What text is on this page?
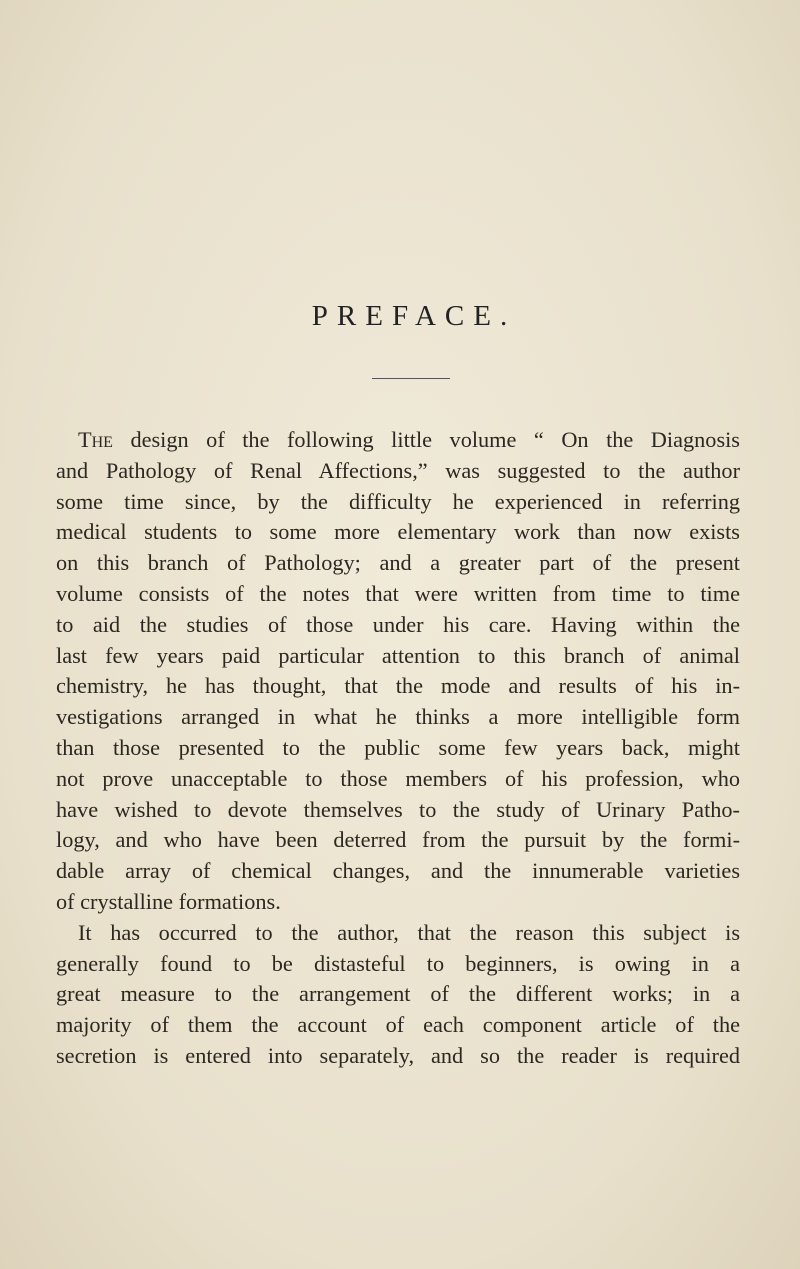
PREFACE.
The design of the following little volume “ On the Diagnosis
and Pathology of Renal Affections,” was suggested to the author
some time since, by the difficulty he experienced in referring
medical students to some more elementary work than now exists
on this branch of Pathology; and a greater part of the present
volume consists of the notes that were written from time to time
to aid the studies of those under his care. Having within the
last few years paid particular attention to this branch of animal
chemistry, he has thought, that the mode and results of his in-
vestigations arranged in what he thinks a more intelligible form
than those presented to the public some few years back, might
not prove unacceptable to those members of his profession, who
have wished to devote themselves to the study of Urinary Patho-
logy, and who have been deterred from the pursuit by the formi-
dable array of chemical changes, and the innumerable varieties
of crystalline formations.
It has occurred to the author, that the reason this subject is
generally found to be distasteful to beginners, is owing in a
great measure to the arrangement of the different works; in a
majority of them the account of each component article of the
secretion is entered into separately, and so the reader is required
